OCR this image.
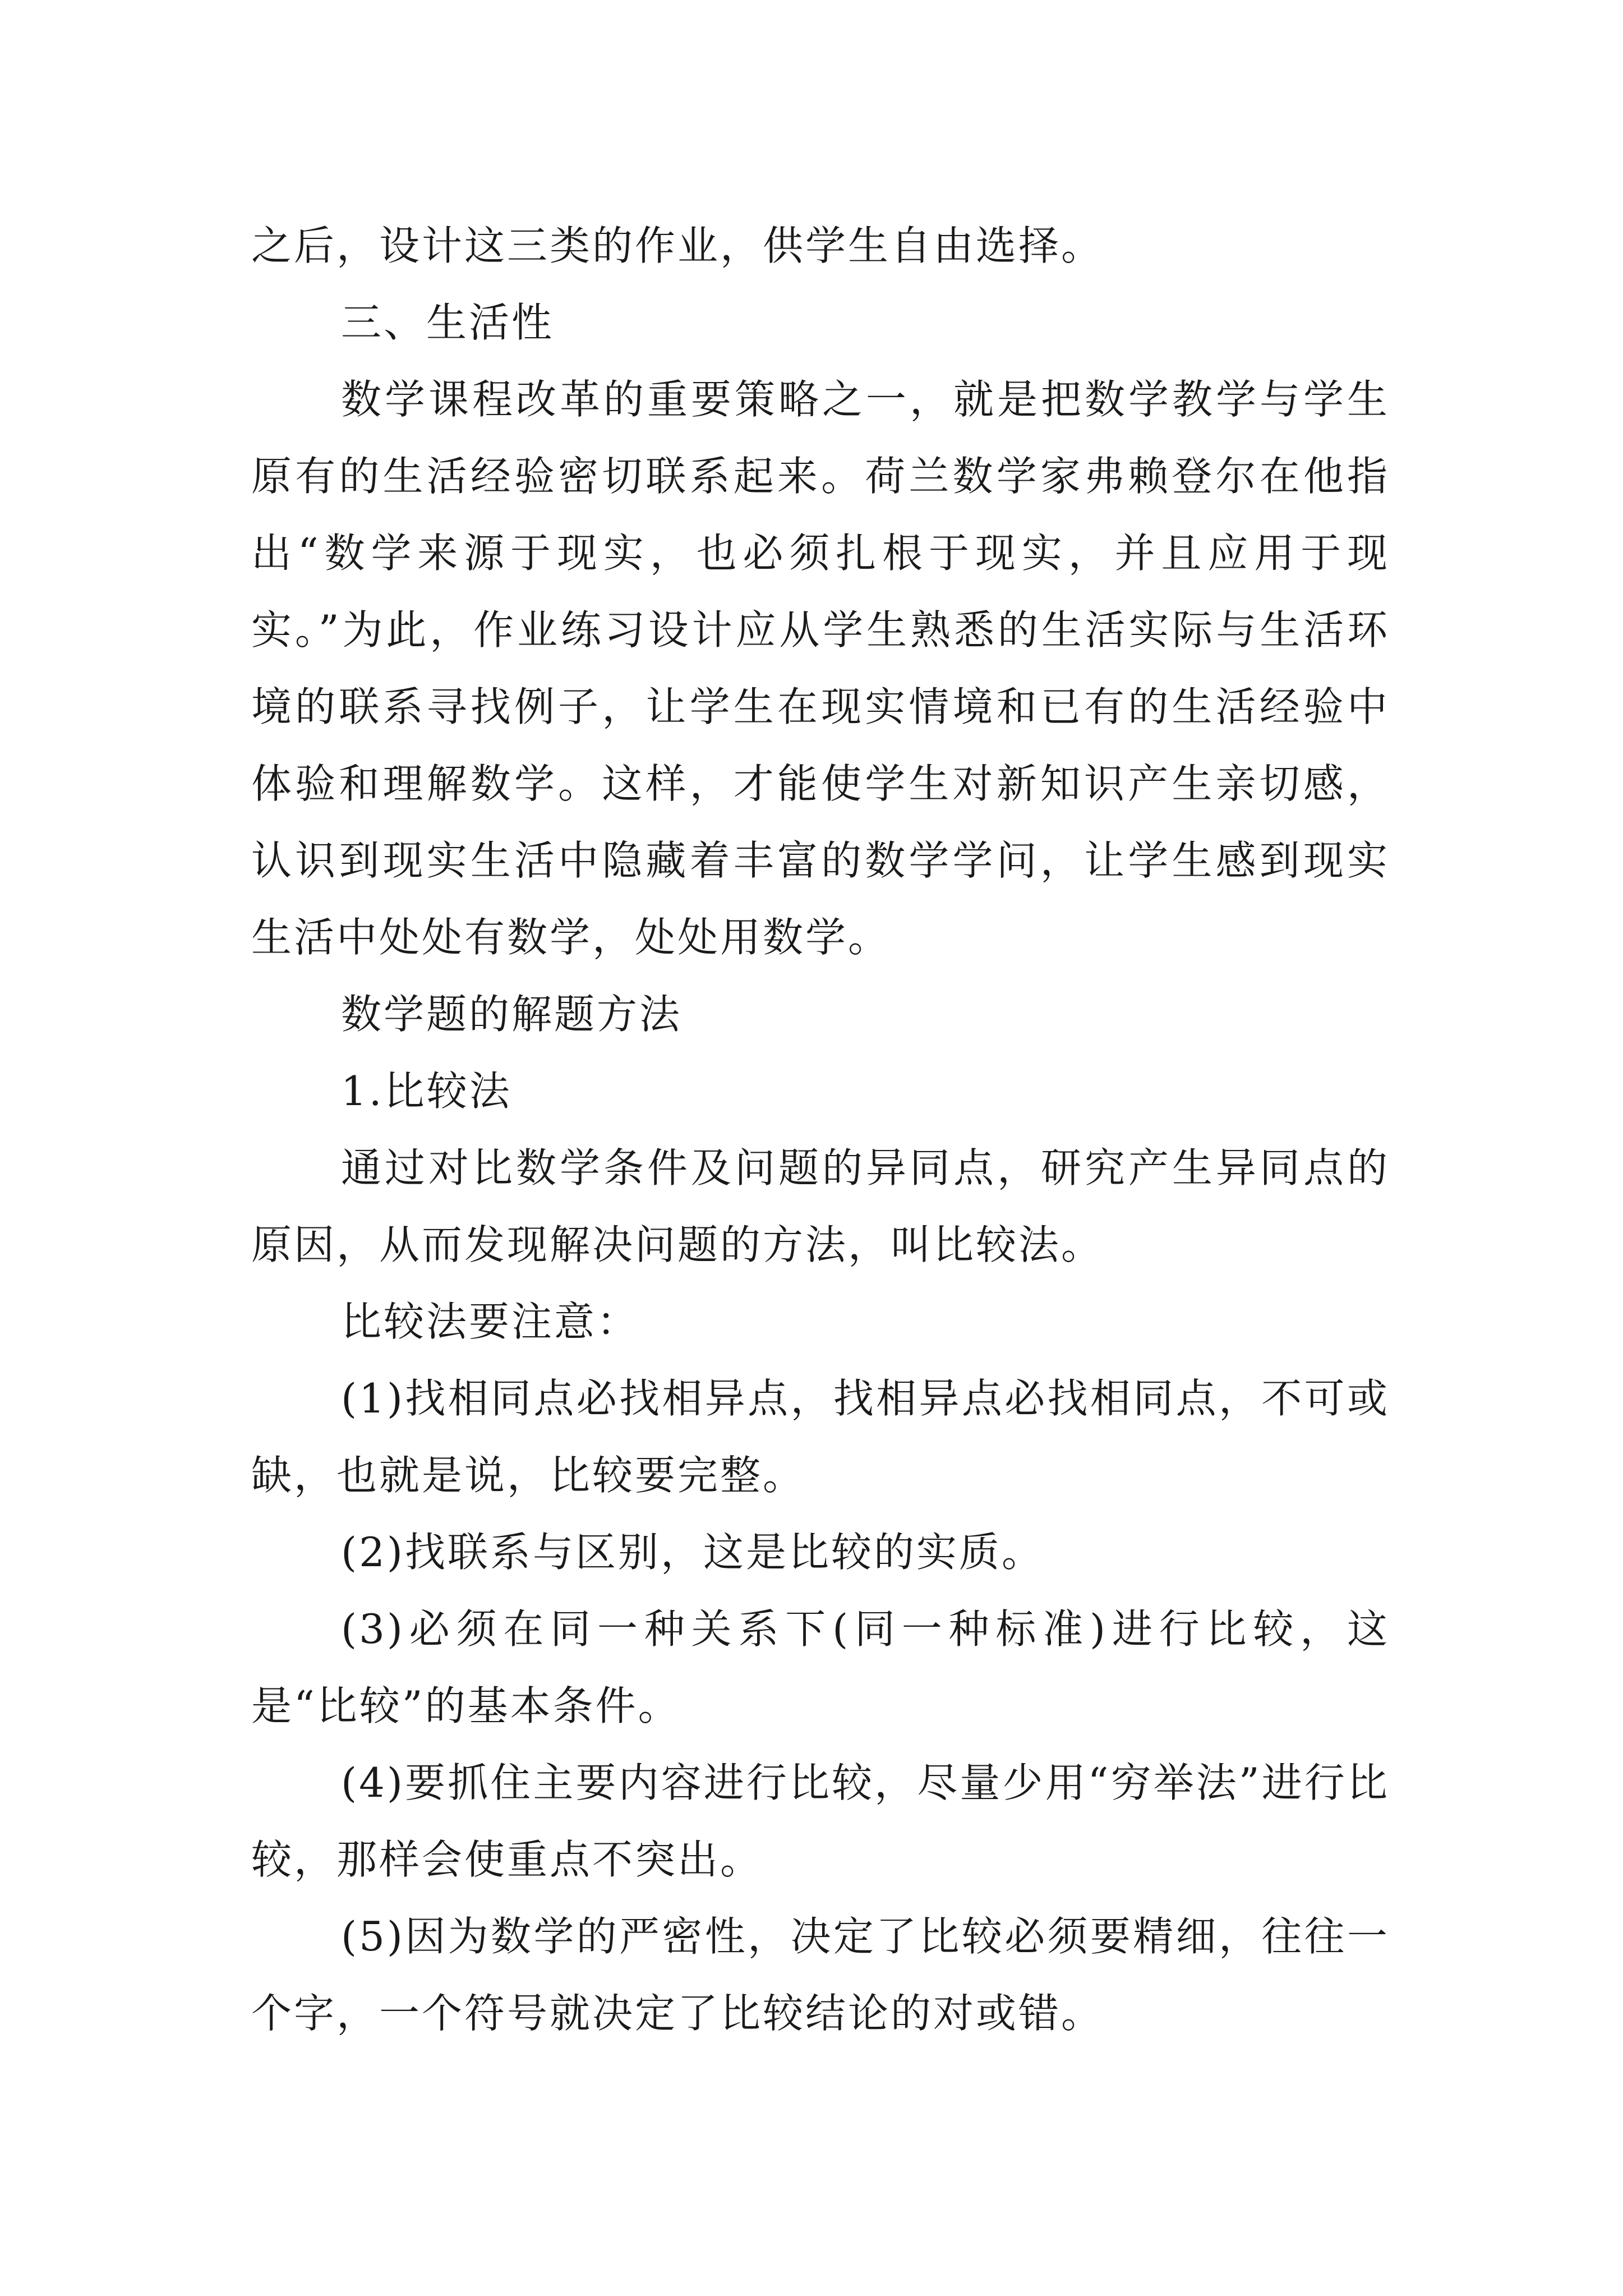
之后，设计这三类的作业，供学生自由选择。

三、生活性

数学课程改革的重要策略之一，就是把数学教学与学生原有的生活经验密切联系起来。荷兰数学家弗赖登尔在他指出“数学来源于现实，也必须扎根于现实，并且应用于现实。”为此，作业练习设计应从学生熟悉的生活实际与生活环境的联系寻找例子，让学生在现实情境和已有的生活经验中体验和理解数学。这样，才能使学生对新知识产生亲切感，认识到现实生活中隐藏着丰富的数学学问，让学生感到现实生活中处处有数学，处处用数学。

数学题的解题方法

1.比较法

通过对比数学条件及问题的异同点，研究产生异同点的原因，从而发现解决问题的方法，叫比较法。

比较法要注意：

(1)找相同点必找相异点，找相异点必找相同点，不可或缺，也就是说，比较要完整。

(2)找联系与区别，这是比较的实质。

(3)必须在同一种关系下(同一种标准)进行比较，这是“比较”的基本条件。

(4)要抓住主要内容进行比较，尽量少用“穷举法”进行比较，那样会使重点不突出。

(5)因为数学的严密性，决定了比较必须要精细，往往一个字，一个符号就决定了比较结论的对或错。
